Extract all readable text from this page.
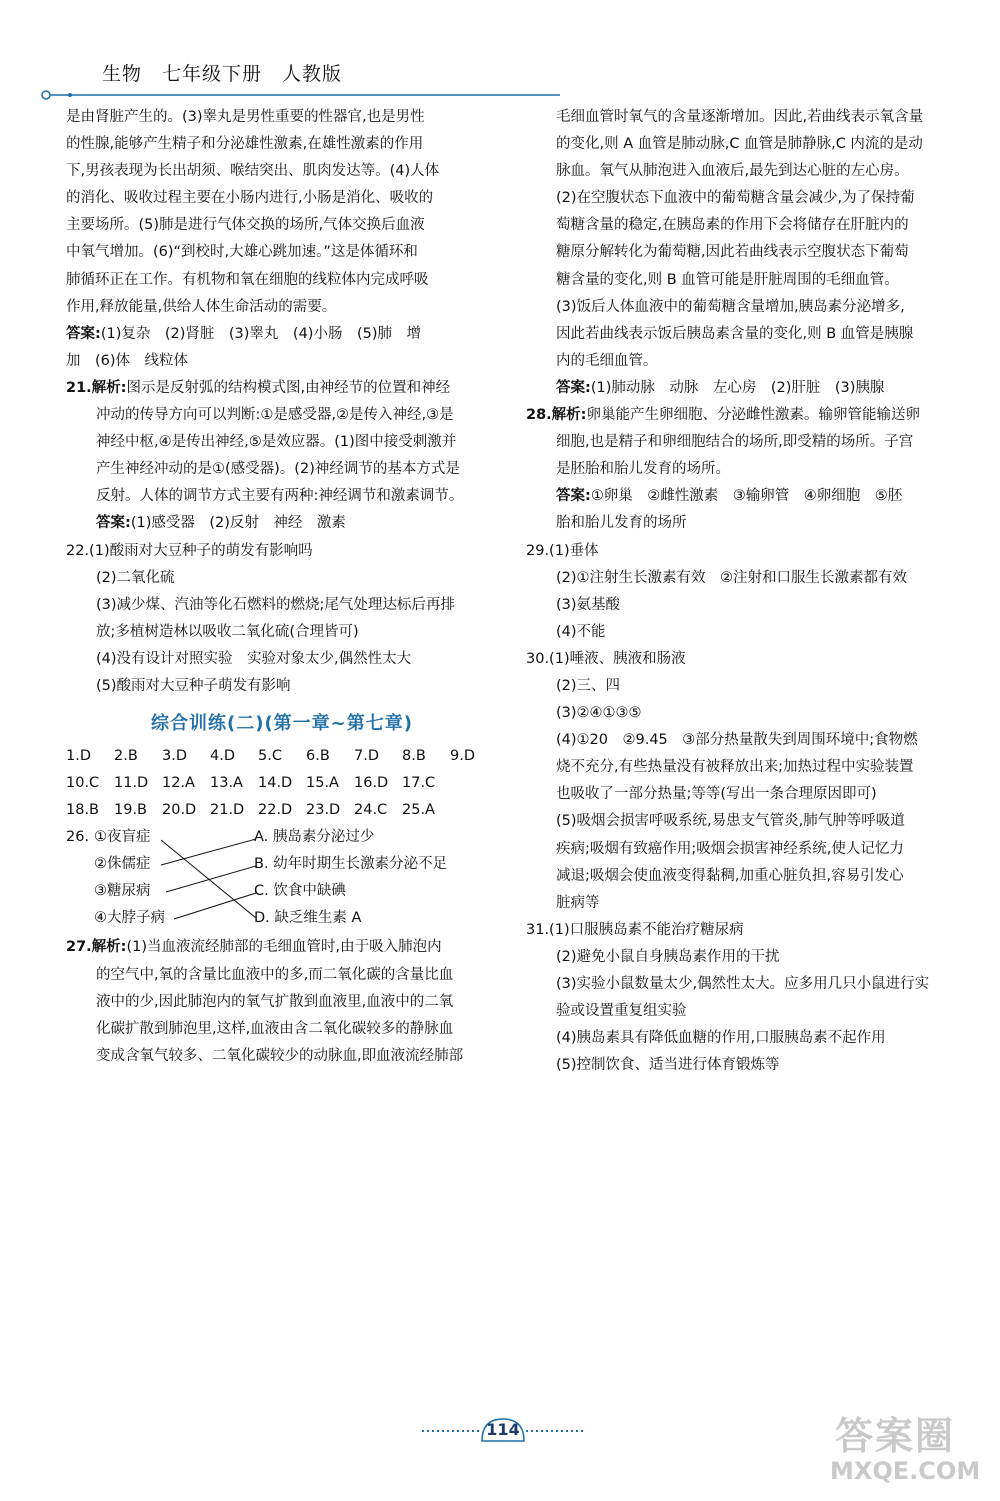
生物　七年级下册　人教版

是由肾脏产生的。(3)睾丸是男性重要的性器官,也是男性

的性腺,能够产生精子和分泌雄性激素,在雄性激素的作用

下,男孩表现为长出胡须、喉结突出、肌肉发达等。(4)人体

的消化、吸收过程主要在小肠内进行,小肠是消化、吸收的

主要场所。(5)肺是进行气体交换的场所,气体交换后血液

中氧气增加。(6)“到校时,大雄心跳加速。”这是体循环和

肺循环正在工作。有机物和氧在细胞的线粒体内完成呼吸

作用,释放能量,供给人体生命活动的需要。

答案:(1)复杂　(2)肾脏　(3)睾丸　(4)小肠　(5)肺　增

加　(6)体　线粒体

21.解析:图示是反射弧的结构模式图,由神经节的位置和神经

冲动的传导方向可以判断:①是感受器,②是传入神经,③是

神经中枢,④是传出神经,⑤是效应器。(1)图中接受刺激并

产生神经冲动的是①(感受器)。(2)神经调节的基本方式是

反射。人体的调节方式主要有两种:神经调节和激素调节。

答案:(1)感受器　(2)反射　神经　激素

22.(1)酸雨对大豆种子的萌发有影响吗

(2)二氧化硫

(3)减少煤、汽油等化石燃料的燃烧;尾气处理达标后再排

放;多植树造林以吸收二氧化硫(合理皆可)

(4)没有设计对照实验　实验对象太少,偶然性太大

(5)酸雨对大豆种子萌发有影响

综合训练(二)(第一章~第七章)
1.D	2.B	3.D	4.D	5.C	6.B	7.D	8.B	9.D
10.C	11.D 12.A	13.A	14.D 15.A	16.D 17.C
18.B	19.B	20.D 21.D 22.D 23.D 24.C	25.A
26. ①夜盲症
②侏儒症
③糖尿病
④大脖子病
A. 胰岛素分泌过少
B. 幼年时期生长激素分泌不足
C. 饮食中缺碘
D. 缺乏维生素 A

27.解析:(1)当血液流经肺部的毛细血管时,由于吸入肺泡内

的空气中,氧的含量比血液中的多,而二氧化碳的含量比血

液中的少,因此肺泡内的氧气扩散到血液里,血液中的二氧

化碳扩散到肺泡里,这样,血液由含二氧化碳较多的静脉血

变成含氧气较多、二氧化碳较少的动脉血,即血液流经肺部

毛细血管时氧气的含量逐渐增加。因此,若曲线表示氧含量

的变化,则 A 血管是肺动脉,C 血管是肺静脉,C 内流的是动

脉血。氧气从肺泡进入血液后,最先到达心脏的左心房。

(2)在空腹状态下血液中的葡萄糖含量会减少,为了保持葡

萄糖含量的稳定,在胰岛素的作用下会将储存在肝脏内的

糖原分解转化为葡萄糖,因此若曲线表示空腹状态下葡萄

糖含量的变化,则 B 血管可能是肝脏周围的毛细血管。

(3)饭后人体血液中的葡萄糖含量增加,胰岛素分泌增多,

因此若曲线表示饭后胰岛素含量的变化,则 B 血管是胰腺

内的毛细血管。

答案:(1)肺动脉　动脉　左心房　(2)肝脏　(3)胰腺

28.解析:卵巢能产生卵细胞、分泌雌性激素。输卵管能输送卵

细胞,也是精子和卵细胞结合的场所,即受精的场所。子宫

是胚胎和胎儿发育的场所。

答案:①卵巢　②雌性激素　③输卵管　④卵细胞　⑤胚

胎和胎儿发育的场所

29.(1)垂体

(2)①注射生长激素有效　②注射和口服生长激素都有效

(3)氨基酸

(4)不能

30.(1)唾液、胰液和肠液

(2)三、四

(3)②④①③⑤

(4)①20　②9.45　③部分热量散失到周围环境中;食物燃

烧不充分,有些热量没有被释放出来;加热过程中实验装置

也吸收了一部分热量;等等(写出一条合理原因即可)

(5)吸烟会损害呼吸系统,易患支气管炎,肺气肿等呼吸道

疾病;吸烟有致癌作用;吸烟会损害神经系统,使人记忆力

减退;吸烟会使血液变得黏稠,加重心脏负担,容易引发心

脏病等

31.(1)口服胰岛素不能治疗糖尿病

(2)避免小鼠自身胰岛素作用的干扰

(3)实验小鼠数量太少,偶然性太大。应多用几只小鼠进行实

验或设置重复组实验

(4)胰岛素具有降低血糖的作用,口服胰岛素不起作用

(5)控制饮食、适当进行体育锻炼等

114	答案圈
MXQE.COM
